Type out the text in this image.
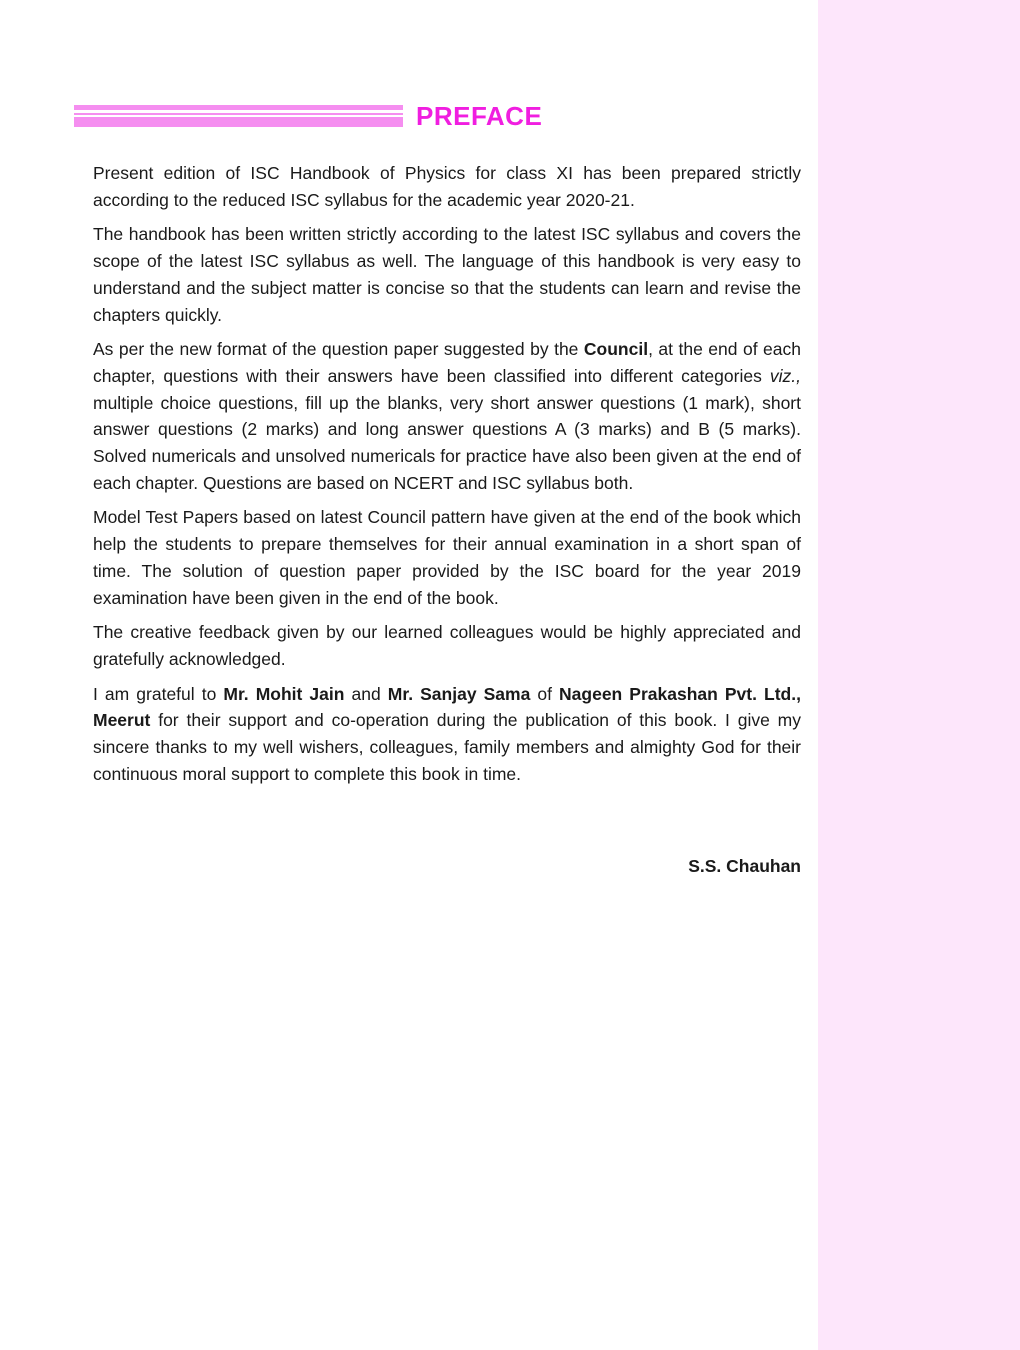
PREFACE

Present edition of ISC Handbook of Physics for class XI has been prepared strictly according to the reduced ISC syllabus for the academic year 2020-21.

The handbook has been written strictly according to the latest ISC syllabus and covers the scope of the latest ISC syllabus as well. The language of this handbook is very easy to understand and the subject matter is concise so that the students can learn and revise the chapters quickly.

As per the new format of the question paper suggested by the Council, at the end of each chapter, questions with their answers have been classified into different categories viz., multiple choice questions, fill up the blanks, very short answer questions (1 mark), short answer questions (2 marks) and long answer questions A (3 marks) and B (5 marks). Solved numericals and unsolved numericals for practice have also been given at the end of each chapter. Questions are based on NCERT and ISC syllabus both.

Model Test Papers based on latest Council pattern have given at the end of the book which help the students to prepare themselves for their annual examination in a short span of time. The solution of question paper provided by the ISC board for the year 2019 examination have been given in the end of the book.

The creative feedback given by our learned colleagues would be highly appreciated and gratefully acknowledged.

I am grateful to Mr. Mohit Jain and Mr. Sanjay Sama of Nageen Prakashan Pvt. Ltd., Meerut for their support and co-operation during the publication of this book. I give my sincere thanks to my well wishers, colleagues, family members and almighty God for their continuous moral support to complete this book in time.

S.S. Chauhan
